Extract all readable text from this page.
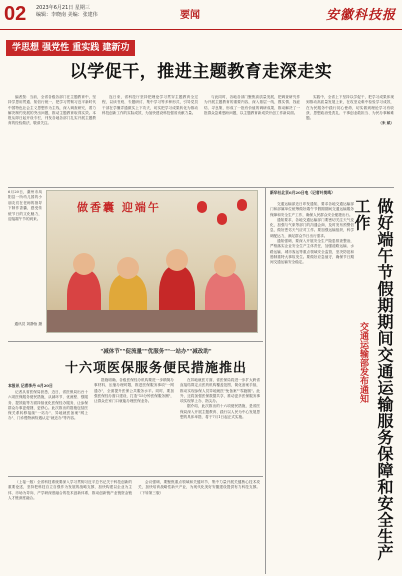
02 2023年6月21日 星期三
编辑：李晓南 美编：张建伟	要闻	安徽科技报
学思想 强党性 重实践 建新功
以学促干，推进主题教育走深走实

编者按：当前，全省各级各部门在主题教育中，坚持学思用贯通、知信行统一，把学习贯彻习近平新时代中国特色社会主义思想作为主线，深入调查研究，着力解决制约发展的突出问题，推动主题教育取得实效。本报从即日起开设专栏，刊发各地各部门扎实开展主题教育的经验做法，敬请关注。

连日来，省科技厅坚持把理论学习贯穿主题教育全过程，以读书班、专题研讨、集中学习等多种形式，引导党员干部在学懂弄通做实上下功夫，切实把学习成果转化为推动科技创新工作的实际成效，为加快建设科技强省贡献力量。

与此同时，各地各部门聚焦高质量发展，把调查研究作为开展主题教育的重要内容，深入基层一线，摸实情、找症结、寻良策，形成了一批有价值的调研成果，推动解决了一批群众急难愁盼问题，以主题教育新成效开创工作新局面。

实践中，全省上下坚持以学促干，把学习成果体现到推动高质量发展上来，在攻坚克难中检验学习成效，在为民服务中践行初心使命，切实做到理论学习有收获、思想政治受洗礼、干事创业敢担当、为民办事解难题。

（朱 斌）

6月20日，滁州市凤阳县一所幼儿园的小朋友们在老师的指导下制作香囊，感受传统节日的文化魅力，迎接端午节的到来。
通讯员 刘静怡 摄
做香囊 迎端午
"减体节""促流量""优服务""一站办""减改助"
十六项医保服务便民措施推出
本报讯 记者李丹 6月20日

记者从省医保局获悉，近日，省医保局出台十六项医保服务便民措施，从减环节、优流程、强服务、提效能等方面持续优化医保经办服务，让参保群众办事更便捷、更舒心。此次推出的措施包括医保关系转移接续"一站办"、异地就医备案"网上办"、门诊慢特病待遇认定"就近办"等内容。

措施明确，各级医保经办机构要进一步精简办事材料，压缩办理时限，推进医保服务事项"一网通办"，全面提升医保公共服务水平。同时，要加强医保经办窗口建设，打造"15分钟医保服务圈"，让群众在家门口就能办理医保业务。

在异地就医方面，省医保局将进一步扩大跨省直接结算定点医药机构覆盖范围，简化备案手续，推动实现参保人员异地就医"免备案""零跑腿"。此外，还将加强医保数据共享，推动更多医保服务事项实现掌上办、指尖办。

据介绍，此次推出的十六项便民措施，是省医保局深入开展主题教育、践行以人民为中心发展思想的具体举措，将于7月1日起正式实施。

（上接一版）全省科技系统要深入学习贯彻习近平总书记关于科技创新的重要论述，坚持把科技自立自强作为发展的战略支撑，加快构建以企业为主体、市场为导向、产学研深度融合的技术创新体系，推动创新链产业链资金链人才链深度融合。

会议强调，要聚焦重点领域和关键环节，集中力量开展关键核心技术攻关，加快培育战略性新兴产业，为现代化美好安徽建设提供有力科技支撑。（下转第三版）

新华社北京6月20日电（记者叶昊鸣）

交通运输部近日印发通知，要求各地交通运输部门和部属单位统筹做好端午节假期期间交通运输服务保障和安全生产工作，确保人民群众安全便捷出行。

通知要求，各地交通运输部门要密切关注天气变化，加强与气象等部门的沟通会商，及时发布预警信息，做好恶劣天气应对工作。要加强运输组织，科学调配运力，满足群众节日出行需求。

通知强调，要深入开展安全生产隐患排查整治，严格落实企业安全生产主体责任，加强道路运输、水路运输、城市客运等重点领域安全监管，坚决防范和遏制重特大事故发生。要做好应急值守，确保节日期间交通运输安全稳定。

交通运输部发布通知 做好端午节假期期间交通运输服务保障和安全生产工作
